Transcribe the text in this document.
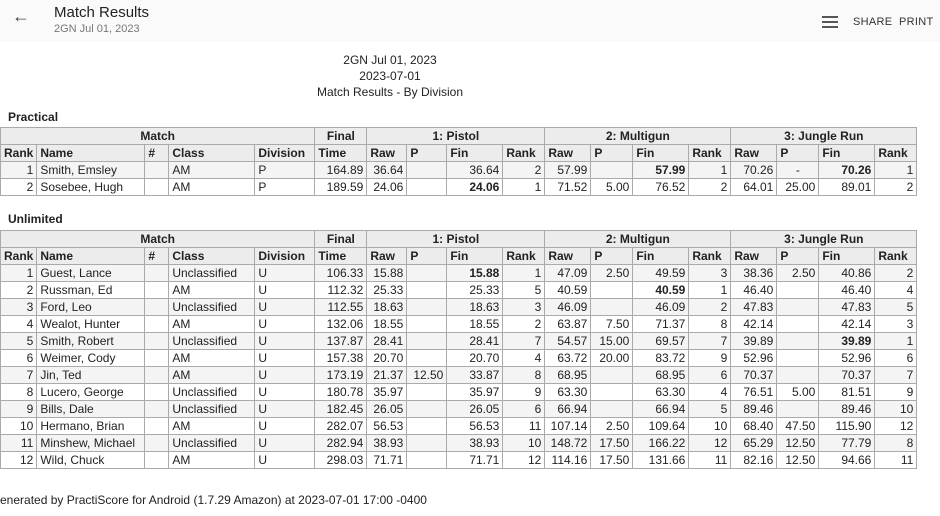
← Match Results
2GN Jul 01, 2023
SHARE PRINT
2GN Jul 01, 2023
2023-07-01
Match Results - By Division
Practical
Match					Final	1: Pistol				2: Multigun				3: Jungle Run			
Rank	Name	#	Class	Division	Time	Raw	P	Fin	Rank	Raw	P	Fin	Rank	Raw	P	Fin	Rank
1	Smith, Emsley		AM	P	164.89	36.64		36.64	2	57.99		57.99	1	70.26	-	70.26	1
2	Sosebee, Hugh		AM	P	189.59	24.06		24.06	1	71.52	5.00	76.52	2	64.01	25.00	89.01	2
Unlimited
Match					Final	1: Pistol				2: Multigun				3: Jungle Run			
Rank	Name	#	Class	Division	Time	Raw	P	Fin	Rank	Raw	P	Fin	Rank	Raw	P	Fin	Rank
1	Guest, Lance		Unclassified	U	106.33	15.88		15.88	1	47.09	2.50	49.59	3	38.36	2.50	40.86	2
2	Russman, Ed		AM	U	112.32	25.33		25.33	5	40.59		40.59	1	46.40		46.40	4
3	Ford, Leo		Unclassified	U	112.55	18.63		18.63	3	46.09		46.09	2	47.83		47.83	5
4	Wealot, Hunter		AM	U	132.06	18.55		18.55	2	63.87	7.50	71.37	8	42.14		42.14	3
5	Smith, Robert		Unclassified	U	137.87	28.41		28.41	7	54.57	15.00	69.57	7	39.89		39.89	1
6	Weimer, Cody		AM	U	157.38	20.70		20.70	4	63.72	20.00	83.72	9	52.96		52.96	6
7	Jin, Ted		AM	U	173.19	21.37	12.50	33.87	8	68.95		68.95	6	70.37		70.37	7
8	Lucero, George		Unclassified	U	180.78	35.97		35.97	9	63.30		63.30	4	76.51	5.00	81.51	9
9	Bills, Dale		Unclassified	U	182.45	26.05		26.05	6	66.94		66.94	5	89.46		89.46	10
10	Hermano, Brian		AM	U	282.07	56.53		56.53	11	107.14	2.50	109.64	10	68.40	47.50	115.90	12
11	Minshew, Michael		Unclassified	U	282.94	38.93		38.93	10	148.72	17.50	166.22	12	65.29	12.50	77.79	8
12	Wild, Chuck		AM	U	298.03	71.71		71.71	12	114.16	17.50	131.66	11	82.16	12.50	94.66	11
enerated by PractiScore for Android (1.7.29 Amazon) at 2023-07-01 17:00 -0400
